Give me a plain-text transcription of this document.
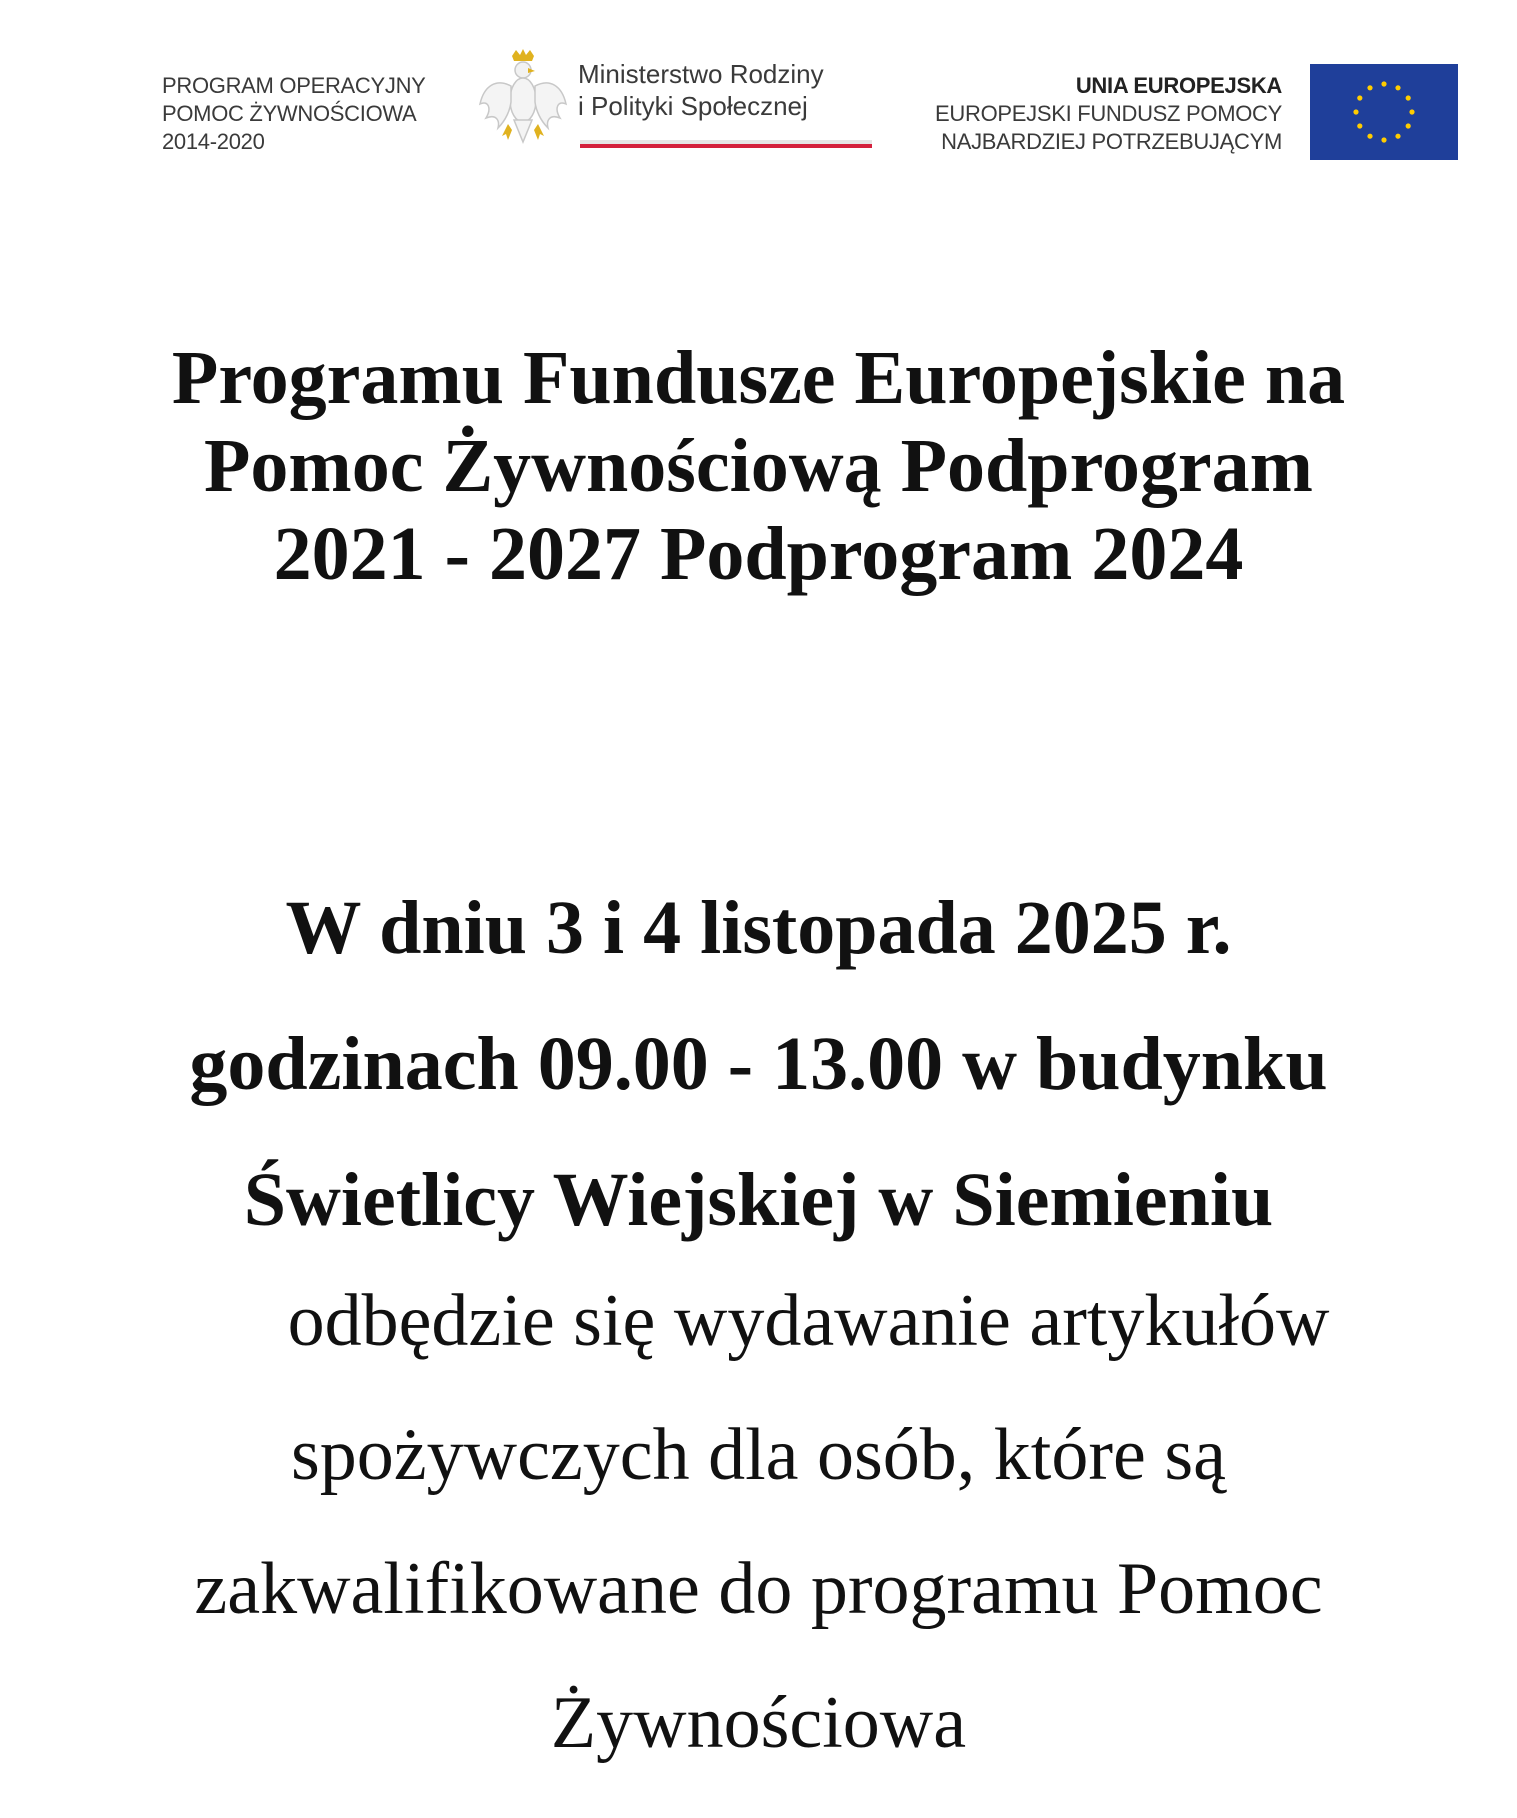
PROGRAM OPERACYJNY
POMOC ŻYWNOŚCIOWA
2014-2020
Ministerstwo Rodziny
i Polityki Społecznej
UNIA EUROPEJSKA
EUROPEJSKI FUNDUSZ POMOCY
NAJBARDZIEJ POTRZEBUJĄCYM
Programu Fundusze Europejskie na
Pomoc Żywnościową Podprogram
2021 - 2027 Podprogram 2024
W dniu 3 i 4 listopada 2025 r.
godzinach 09.00 - 13.00 w budynku
Świetlicy Wiejskiej w Siemieniu
odbędzie się wydawanie artykułów
spożywczych dla osób, które są
zakwalifikowane do programu Pomoc
Żywnościowa
